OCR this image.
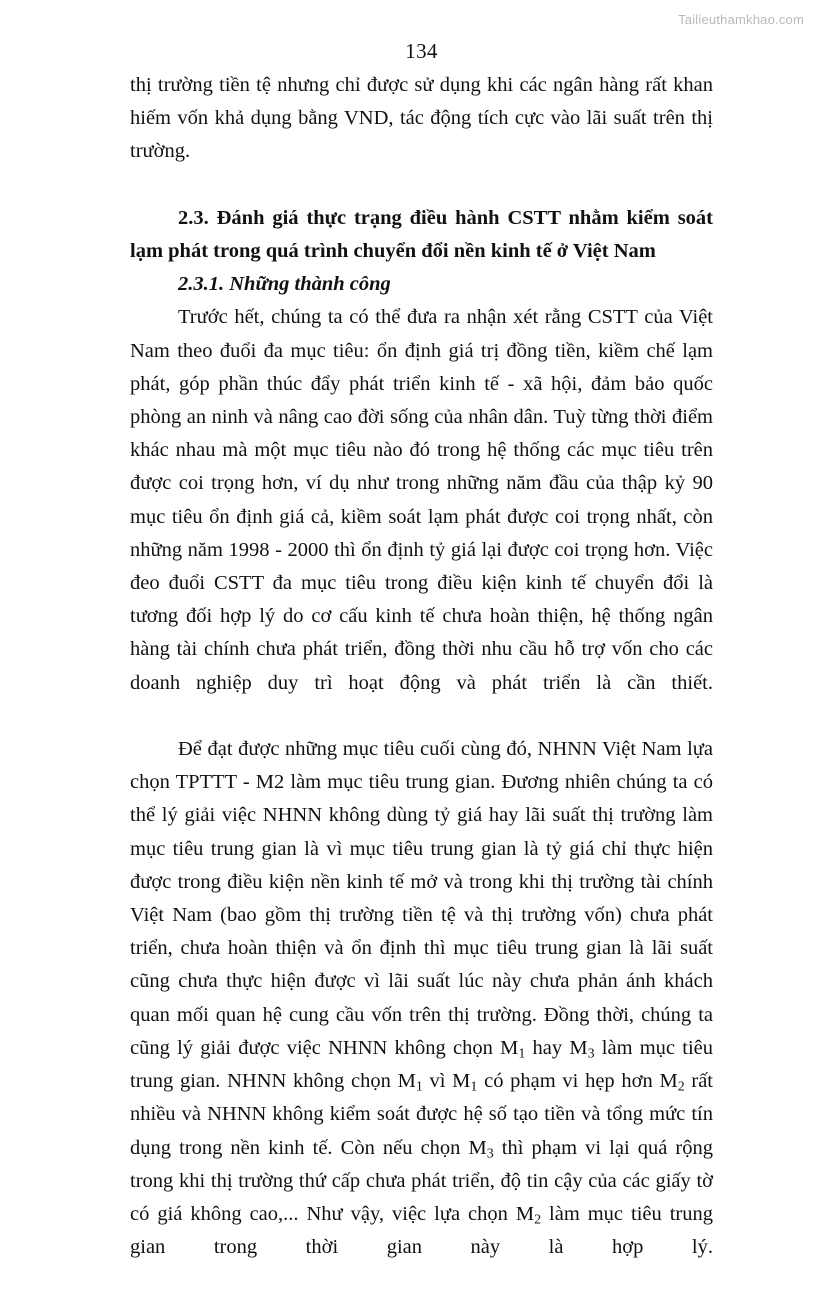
Tailieuthamkhao.com
134

thị trường tiền tệ nhưng chỉ được sử dụng khi các ngân hàng rất khan hiếm vốn khả dụng bằng VND, tác động tích cực vào lãi suất trên thị trường.

2.3. Đánh giá thực trạng điều hành CSTT nhằm kiểm soát lạm phát trong quá trình chuyển đổi nền kinh tế ở Việt Nam
2.3.1. Những thành công

Trước hết, chúng ta có thể đưa ra nhận xét rằng CSTT của Việt Nam theo đuổi đa mục tiêu: ổn định giá trị đồng tiền, kiềm chế lạm phát, góp phần thúc đẩy phát triển kinh tế - xã hội, đảm bảo quốc phòng an ninh và nâng cao đời sống của nhân dân. Tuỳ từng thời điểm khác nhau mà một mục tiêu nào đó trong hệ thống các mục tiêu trên được coi trọng hơn, ví dụ như trong những năm đầu của thập kỷ 90 mục tiêu ổn định giá cả, kiềm soát lạm phát được coi trọng nhất, còn những năm 1998 - 2000 thì ổn định tỷ giá lại được coi trọng hơn. Việc đeo đuổi CSTT đa mục tiêu trong điều kiện kinh tế chuyển đổi là tương đối hợp lý do cơ cấu kinh tế chưa hoàn thiện, hệ thống ngân hàng tài chính chưa phát triển, đồng thời nhu cầu hỗ trợ vốn cho các doanh nghiệp duy trì hoạt động và phát triển là cần thiết.

Để đạt được những mục tiêu cuối cùng đó, NHNN Việt Nam lựa chọn TPTTT - M2 làm mục tiêu trung gian. Đương nhiên chúng ta có thể lý giải việc NHNN không dùng tỷ giá hay lãi suất thị trường làm mục tiêu trung gian là vì mục tiêu trung gian là tỷ giá chỉ thực hiện được trong điều kiện nền kinh tế mở và trong khi thị trường tài chính Việt Nam (bao gồm thị trường tiền tệ và thị trường vốn) chưa phát triển, chưa hoàn thiện và ổn định thì mục tiêu trung gian là lãi suất cũng chưa thực hiện được vì lãi suất lúc này chưa phản ánh khách quan mối quan hệ cung cầu vốn trên thị trường. Đồng thời, chúng ta cũng lý giải được việc NHNN không chọn $M_1$ hay $M_3$ làm mục tiêu trung gian. NHNN không chọn $M_1$ vì $M_1$ có phạm vi hẹp hơn $M_2$ rất nhiều và NHNN không kiểm soát được hệ số tạo tiền và tổng mức tín dụng trong nền kinh tế. Còn nếu chọn $M_3$ thì phạm vi lại quá rộng trong khi thị trường thứ cấp chưa phát triển, độ tin cậy của các giấy tờ có giá không cao,... Như vậy, việc lựa chọn $M_2$ làm mục tiêu trung gian trong thời gian này là hợp lý.
